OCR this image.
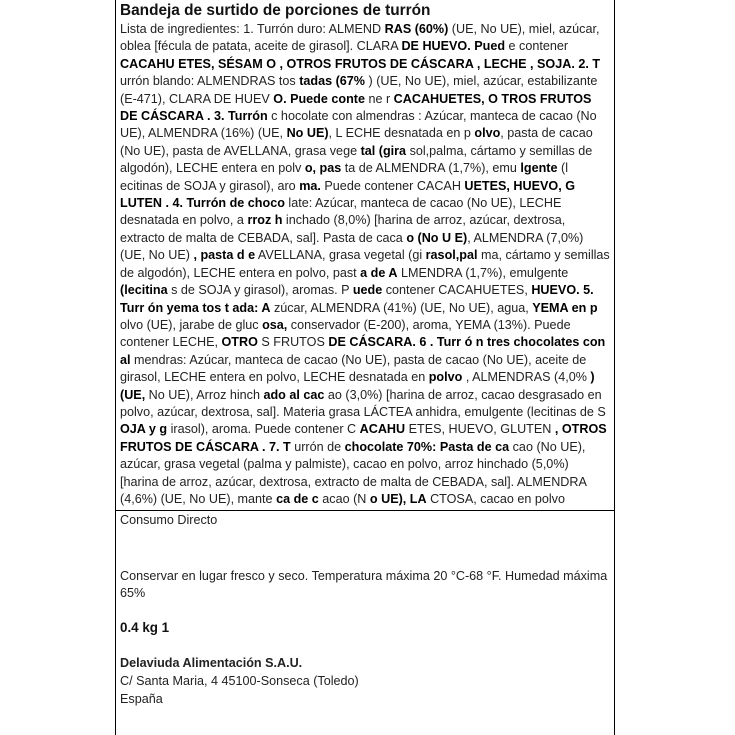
Bandeja de surtido de porciones de turrón
Lista de ingredientes: 1. Turrón duro: ALMEND RAS (60%) (UE, No UE), miel, azúcar, oblea [fécula de patata, aceite de girasol]. CLARA DE HUEVO. Pued e contener CACAHU ETES, SÉSAM O , OTROS FRUTOS DE CÁSCARA , LECHE , SOJA. 2. T urrón blando: ALMENDRAS tos tadas (67% ) (UE, No UE), miel, azúcar, estabilizante (E-471), CLARA DE HUEV O. Puede conte ne r CACAHUETES, O TROS FRUTOS DE CÁSCARA . 3. Turrón c hocolate con almendras : Azúcar, manteca de cacao (No UE), ALMENDRA (16%) (UE, No UE), L ECHE desnatada en p olvo, pasta de cacao (No UE), pasta de AVELLANA, grasa vege tal (gira sol,palma, cártamo y semillas de algodón), LECHE entera en polv o, pas ta de ALMENDRA (1,7%), emu lgente (l ecitinas de SOJA y girasol), aro ma. Puede contener CACAH UETES, HUEVO, G LUTEN . 4. Turrón de choco late: Azúcar, manteca de cacao (No UE), LECHE desnatada en polvo, a rroz h inchado (8,0%) [harina de arroz, azúcar, dextrosa, extracto de malta de CEBADA, sal]. Pasta de caca o (No U E), ALMENDRA (7,0%) (UE, No UE) , pasta d e AVELLANA, grasa vegetal (gi rasol,pal ma, cártamo y semillas de algodón), LECHE entera en polvo, past a de A LMENDRA (1,7%), emulgente (lecitina s de SOJA y girasol), aromas. P uede contener CACAHUETES, HUEVO. 5. Turr ón yema tos t ada: A zúcar, ALMENDRA (41%) (UE, No UE), agua, YEMA en p olvo (UE), jarabe de gluc osa, conservador (E-200), aroma, YEMA (13%). Puede contener LECHE, OTRO S FRUTOS DE CÁSCARA. 6 . Turr ó n tres chocolates con al mendras: Azúcar, manteca de cacao (No UE), pasta de cacao (No UE), aceite de girasol, LECHE entera en polvo, LECHE desnatada en polvo , ALMENDRAS (4,0% ) (UE, No UE), Arroz hinch ado al cac ao (3,0%) [harina de arroz, cacao desgrasado en polvo, azúcar, dextrosa, sal]. Materia grasa LÁCTEA anhidra, emulgente (lecitinas de S OJA y g irasol), aroma. Puede contener C ACAHU ETES, HUEVO, GLUTEN , OTROS FRUTOS DE CÁSCARA . 7. T urrón de chocolate 70%: Pasta de ca cao (No UE), azúcar, grasa vegetal (palma y palmiste), cacao en polvo, arroz hinchado (5,0%) [harina de arroz, azúcar, dextrosa, extracto de malta de CEBADA, sal]. ALMENDRA (4,6%) (UE, No UE), mante ca de c acao (N o UE), LA CTOSA, cacao en polvo
Consumo Directo
Conservar en lugar fresco y seco. Temperatura máxima 20 °C-68 °F. Humedad máxima 65%
0.4 kg 1
Delaviuda Alimentación S.A.U.
C/ Santa Maria, 4 45100-Sonseca (Toledo)
España
